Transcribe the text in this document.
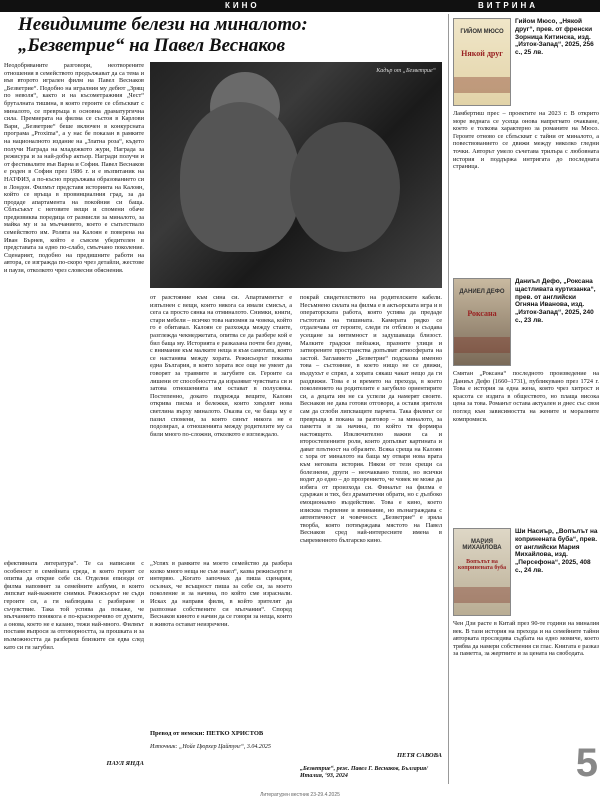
КИНО	ВИТРИНА
Невидимите белези на миналото:
„Безветрие“ на Павел Веснаков
Неодобряваните разговори, неотворените отношения в семейството продължават да са тема и във второто игрален филм на Павел Веснаков „Безветрие“. Подобно на игралния му дебют „Зрящ по неволя“, както и на късометражния „Чест“ бруталната тишина, в която героите се сблъскват с миналото, се превръща в основна драматургична сила. Премиерата на филма се състоя в Карлови Вари, „Безветрие“ беше включен в конкурсната програма „Proxima“, а у нас бе показан в рамките на националното издание на „Златна роза“, където получи Награда на младежкото жури, Награда за режисура и за най-добър актьор. Награди получи и от фестивалите във Варна и София. Павел Веснаков е роден в София през 1986 г. и е възпитаник на НАТФИЗ, а по-късно продължава образованието си в Лондон. Филмът представя историята на Калоян, който се връща в провинциалния град, за да продаде апартамента на покойния си баща. Сблъсъкът с неговите вещи и спомени обаче предизвиква поредица от размисли за миналото, за майка му и за мълчанието, което е съпътствало семейството им. Ролята на Калоян е поверена на Иван Бърнев, който е съвсем убедителен в представата за едно по-слабо, смълчано поколение. Сценарият, подобно на предишните работи на автора, се изгражда по-скоро чрез детайли, жестове и паузи, отколкото чрез словесни обяснения.
Кадър от „Безветрие“
от разстояние към сина си. Апартаментът е изпълнен с вещи, които някога са имали смисъл, а сега са просто сянка на отминалото. Снимки, книги, стари мебели – всичко това напомня за човека, който го е обитавал. Калоян се разхожда между стаите, разглежда чекмеджетата, опитва се да разбере кой е бил баща му. Историята е разказана почти без думи, с внимание към малките неща и към самотата, която се настанява между хората. Режисьорът показва една България, в която хората все още не умеят да говорят за травмите и загубите си. Героите са лишени от способността да изразяват чувствата си и затова отношенията им остават в полусянка. Постепенно, докато подрежда вещите, Калоян открива писма и бележки, които хвърлят нова светлина върху миналото. Оказва се, че баща му е пазил спомени, за които синът никога не е подозирал, а отношенията между родителите му са били много по-сложни, отколкото е изглеждало.
покрай свидетелството на родителските кабели. Несъмнено силата на филма е в актьорската игра и в операторската работа, която успява да предаде гъстотата на тишината. Камерата рядко се отдалечава от героите, следи ги отблизо и създава усещане за интимност и задушаваща близост. Малките градски пейзажи, празните улици и затворените пространства допълват атмосферата на застой. Заглавието „Безветрие“ подсказва именно това – състояние, в което нищо не се движи, въздухът е спрял, а хората сякаш чакат нещо да ги раздвижи. Това е и времето на прехода, в което поколението на родителите е загубило ориентирите си, а децата им не са успели да намерят своите. Веснаков не дава готови отговори, а оставя зрителя сам да сглоби липсващите парчета. Така филмът се превръща в покана за разговор – за миналото, за паметта и за начина, по който тя формира настоящето. Изключително важни са и второстепенните роли, които допълват картината и дават плътност на образите. Всяка среща на Калоян с хора от миналото на баща му отваря нова врата към неговата история. Някои от тези срещи са болезнени, други – неочаквано топли, но всички водят до едно – до прозрението, че човек не може да избяга от произхода си. Финалът на филма е сдържан и тих, без драматични обрати, но с дълбоко емоционално въздействие. Това е кино, което изисква търпение и внимание, но възнаграждава с автентичност и човечност. „Безветрие“ е зряла творба, която потвърждава мястото на Павел Веснаков сред най-интересните имена в съвременното българско кино.
ефективната литература“. Те са написани с особеност в семейната среда, в която героят се опитва да открие себе си. Отделни епизоди от филма напомнят за семейните албуми, в които липсват най-важните снимки. Режисьорът не съди героите си, а ги наблюдава с разбиране и съчувствие. Така той успява да покаже, че мълчанието понякога е по-красноречиво от думите, а онова, което не е казано, тежи най-много. Филмът поставя въпроси за отговорността, за прошката и за възможността да разбереш близките си едва след като си ги загубил.
„Успях в рамките на моето семейство да разбера колко много неща не съм знаел“, казва режисьорът в интервю. „Когато започнах да пиша сценария, осъзнах, че всъщност пиша за себе си, за моето поколение и за начина, по който сме израснали. Исках да направя филм, в който зрителят да разпознае собствените си мълчания“. Според Веснаков киното е начин да се говори за неща, които в живота остават неизречени.
ПАУЛ ЯНДА
Превод от немски: ПЕТКО ХРИСТОВ
Източник: „Нойе Цюрхер Цайтунг“, 3.04.2025
ПЕТЯ САВОВА
„Безветрие“, реж. Павел Г. Веснаков, България/Италия, ‘93, 2024
ГИЙОМ МЮСО
Някой друг
Гийом Мюсо, „Някой друг“, прев. от френски Зорница Китинска, изд. „Изток-Запад“, 2025, 256 с., 25 лв.
Ламбертиш прес – проектите на 2023 г. В открито море веднага се усеща онова напрегнато очакване, което е толкова характерно за романите на Мюсо. Героите отново се сблъскват с тайни от миналото, а повествованието се движи между няколко гледни точки. Авторът умело съчетава трилъра с любовната история и поддържа интригата до последната страница.
ДАНИЕЛ ДЕФО
Роксана
Даниъл Дефо, „Роксана щастливата куртизанка“, прев. от английски Огняна Иванова, изд. „Изток-Запад“, 2025, 240 с., 23 лв.
Смятан „Роксана“ последното произведение на Даниъл Дефо (1660–1731), публикувано през 1724 г. Това е история за една жена, която чрез хитрост и красота се издига в обществото, но плаща висока цена за това. Романът остава актуален и днес със своя поглед към зависимостта на жените и моралните компромиси.
МАРИЯ МИХАЙЛОВА
Вопълът на копринената буба
Ши Насиър, „Вопълът на копринената буба“, прев. от английски Мария Михайлова, изд. „Персефона“, 2025, 408 с., 24 лв.
Чен Дзи расте в Китай през 90-те години на миналия век. В тази история на прехода и на семейните тайни авторката проследява съдбата на едно момиче, което трябва да намери собствения си глас. Книгата е разказ за паметта, за жертвите и за цената на свободата.
5
Литературен вестник 23-29.4.2025
